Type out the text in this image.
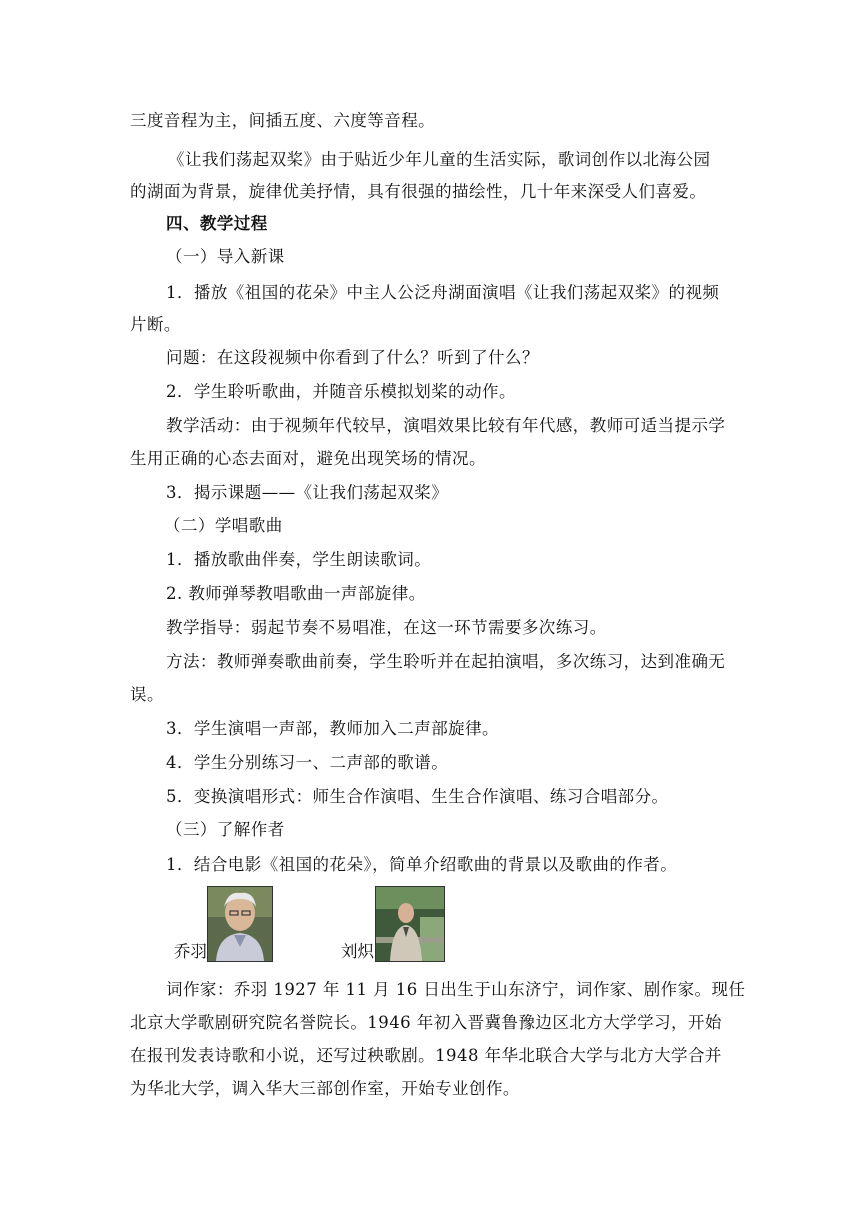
三度音程为主，间插五度、六度等音程。
《让我们荡起双桨》由于贴近少年儿童的生活实际，歌词创作以北海公园
的湖面为背景，旋律优美抒情，具有很强的描绘性，几十年来深受人们喜爱。
四、教学过程
（一）导入新课
1．播放《祖国的花朵》中主人公泛舟湖面演唱《让我们荡起双桨》的视频
片断。
问题：在这段视频中你看到了什么？听到了什么？
2．学生聆听歌曲，并随音乐模拟划桨的动作。
教学活动：由于视频年代较早，演唱效果比较有年代感，教师可适当提示学
生用正确的心态去面对，避免出现笑场的情况。
3．揭示课题——《让我们荡起双桨》
（二）学唱歌曲
1．播放歌曲伴奏，学生朗读歌词。
2. 教师弹琴教唱歌曲一声部旋律。
教学指导：弱起节奏不易唱准，在这一环节需要多次练习。
方法：教师弹奏歌曲前奏，学生聆听并在起拍演唱，多次练习，达到准确无
误。
3．学生演唱一声部，教师加入二声部旋律。
4．学生分别练习一、二声部的歌谱。
5．变换演唱形式：师生合作演唱、生生合作演唱、练习合唱部分。
（三）了解作者
1．结合电影《祖国的花朵》，简单介绍歌曲的背景以及歌曲的作者。
乔羽	刘炽
词作家：乔羽 1927 年 11 月 16 日出生于山东济宁，词作家、剧作家。现任
北京大学歌剧研究院名誉院长。1946 年初入晋冀鲁豫边区北方大学学习，开始
在报刊发表诗歌和小说，还写过秧歌剧。1948 年华北联合大学与北方大学合并
为华北大学，调入华大三部创作室，开始专业创作。
